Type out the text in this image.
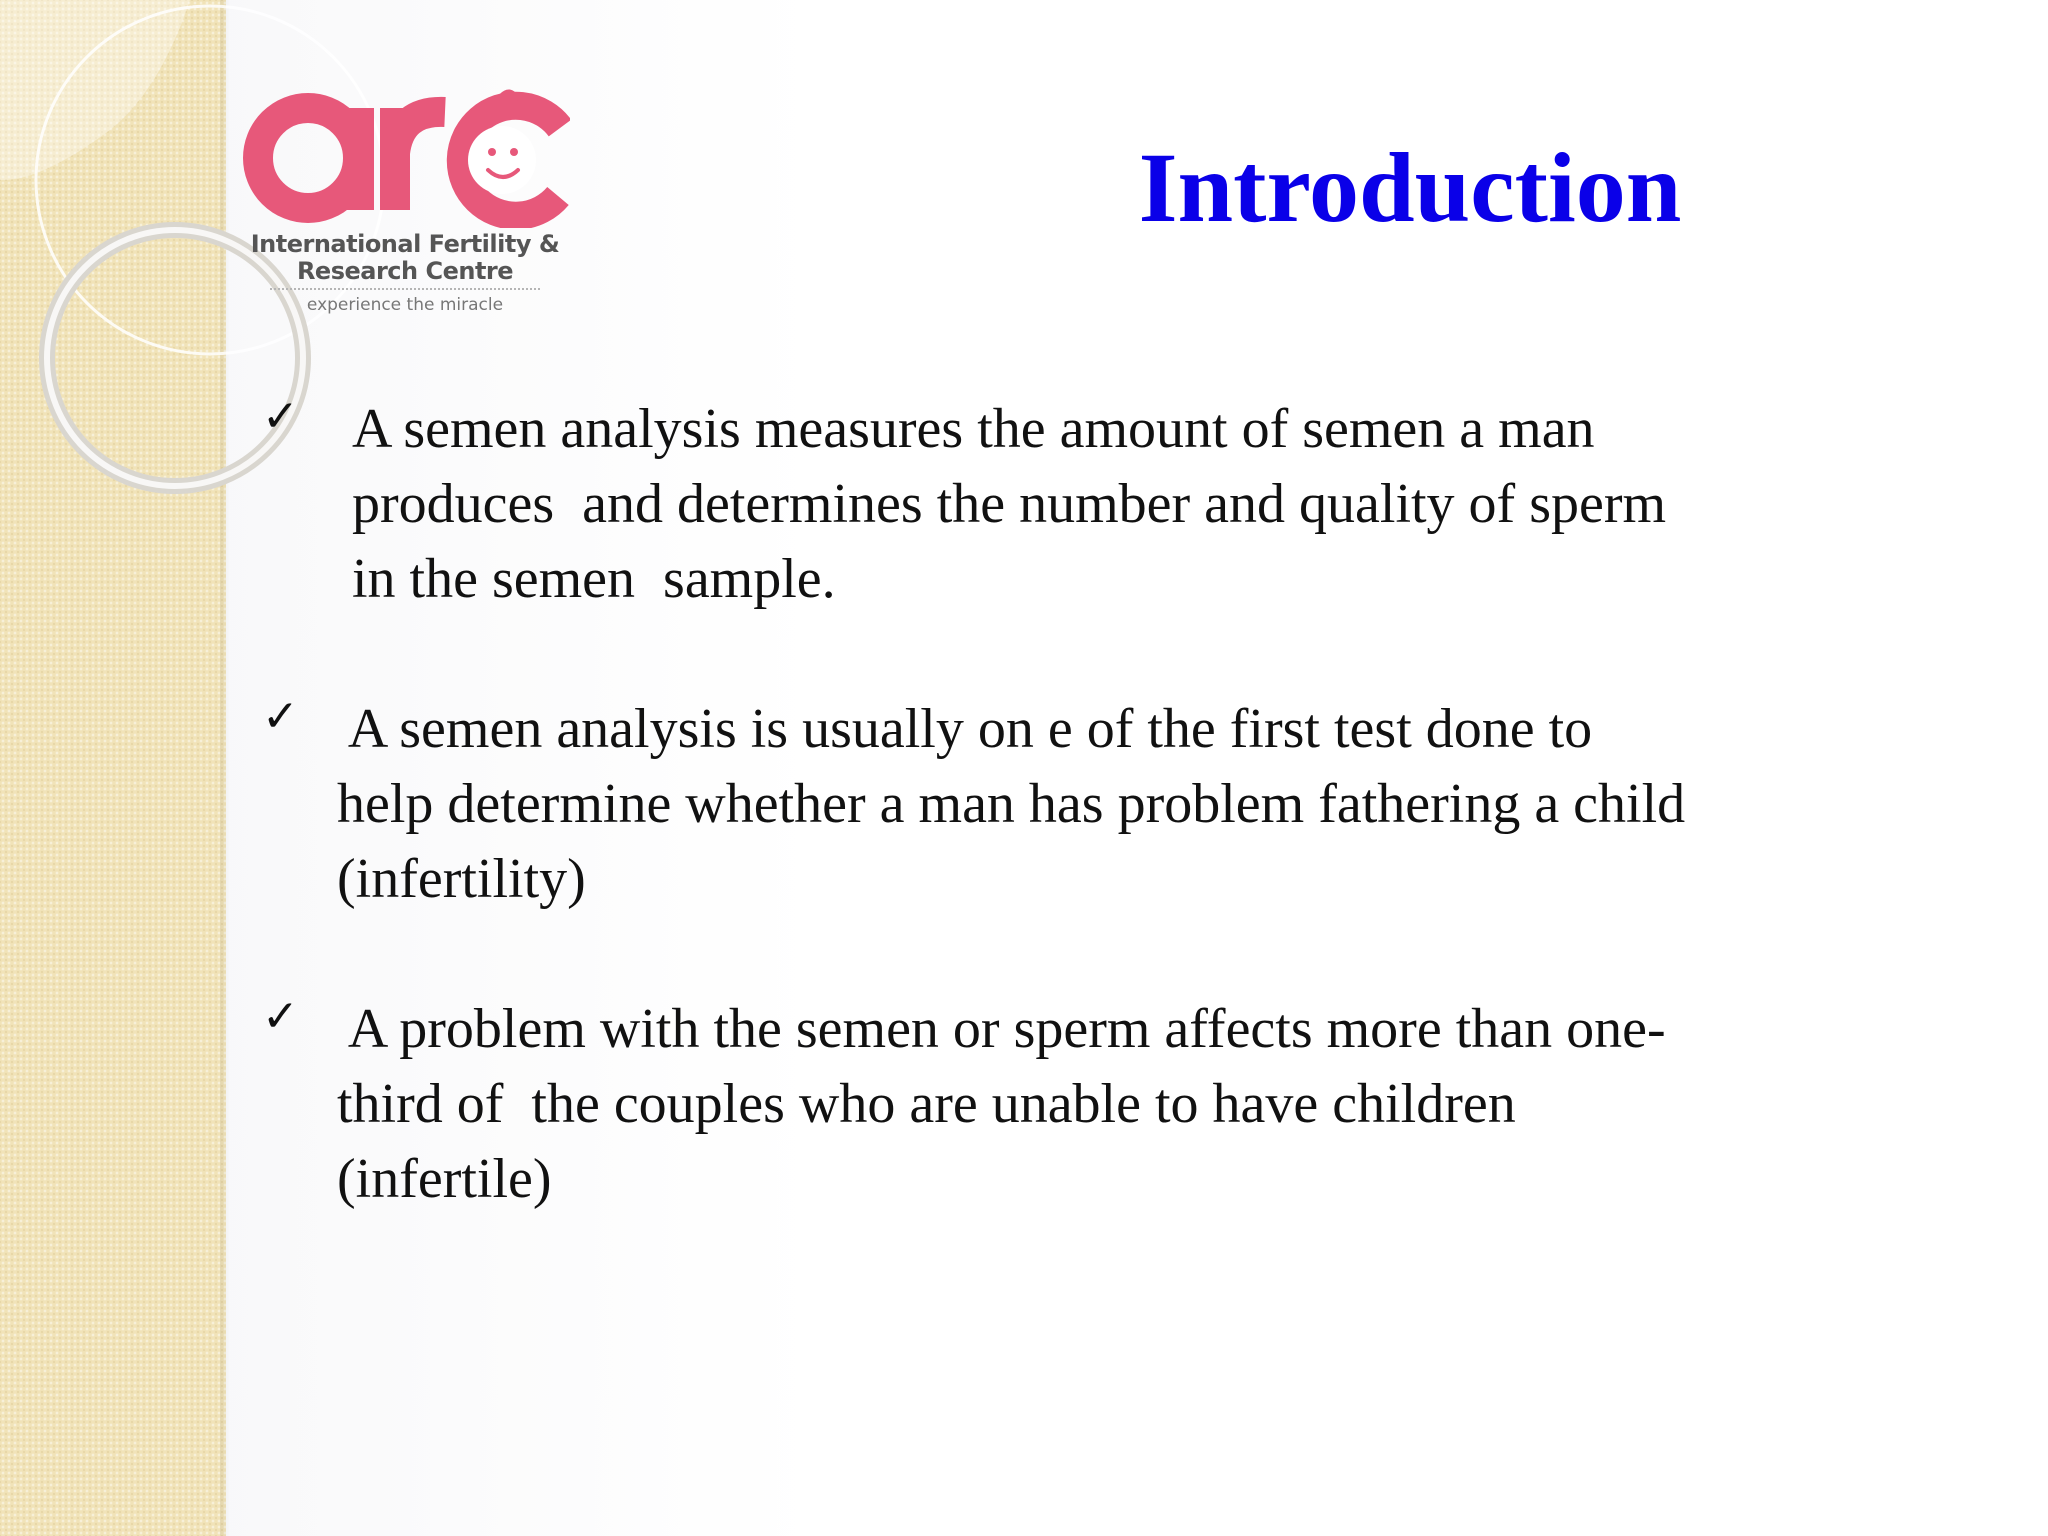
International Fertility &
Research Centre
experience the miracle
Introduction
✓ A semen analysis measures the amount of semen a man
produces  and determines the number and quality of sperm
in the semen  sample.
✓ A semen analysis is usually on e of the first test done to
help determine whether a man has problem fathering a child
(infertility)
✓ A problem with the semen or sperm affects more than one-
third of  the couples who are unable to have children
(infertile)
